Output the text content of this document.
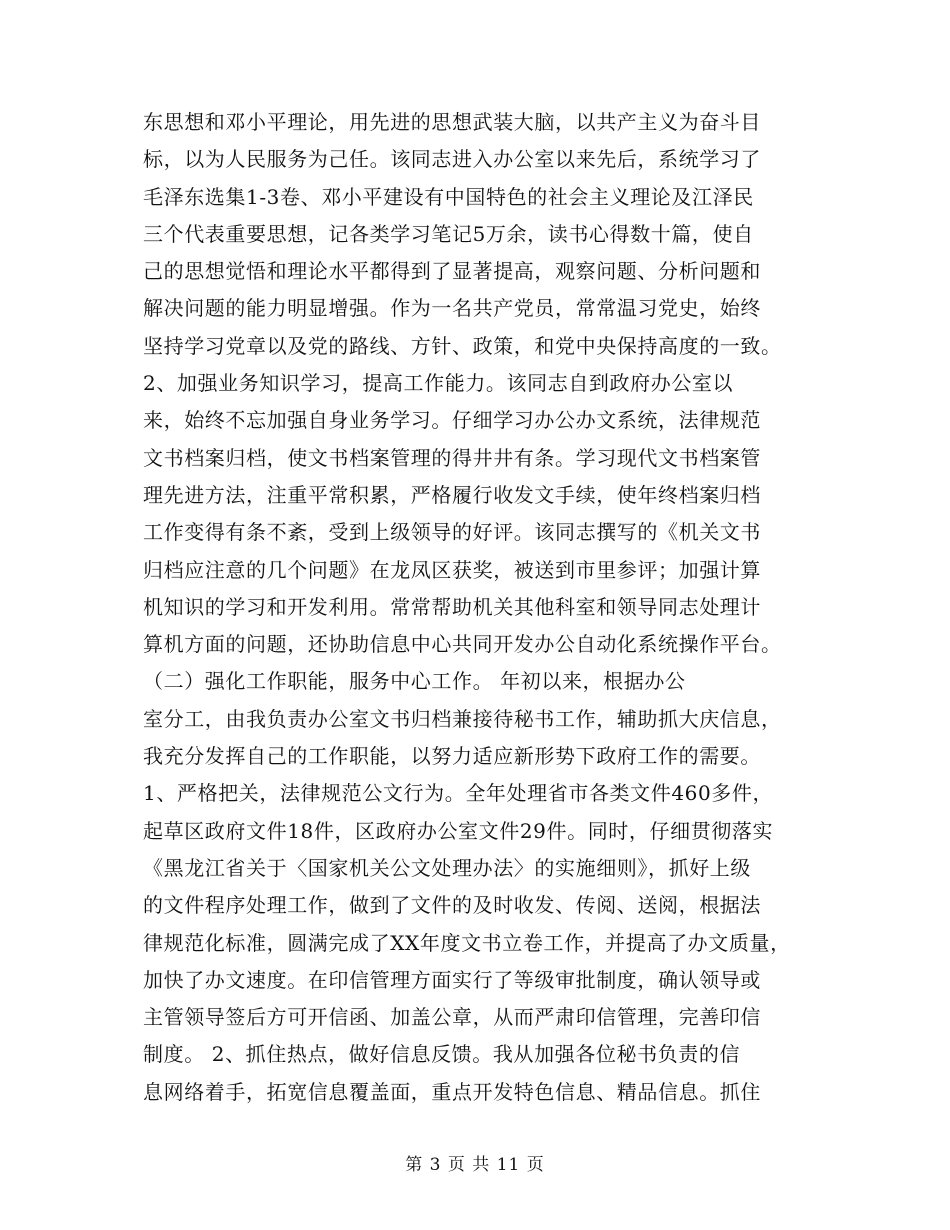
东思想和邓小平理论，用先进的思想武装大脑，以共产主义为奋斗目
标，以为人民服务为己任。该同志进入办公室以来先后，系统学习了
毛泽东选集1-3卷、邓小平建设有中国特色的社会主义理论及江泽民
三个代表重要思想，记各类学习笔记5万余，读书心得数十篇，使自
己的思想觉悟和理论水平都得到了显著提高，观察问题、分析问题和
解决问题的能力明显增强。作为一名共产党员，常常温习党史，始终
坚持学习党章以及党的路线、方针、政策，和党中央保持高度的一致。
2、加强业务知识学习，提高工作能力。该同志自到政府办公室以
来，始终不忘加强自身业务学习。仔细学习办公办文系统，法律规范
文书档案归档，使文书档案管理的得井井有条。学习现代文书档案管
理先进方法，注重平常积累，严格履行收发文手续，使年终档案归档
工作变得有条不紊，受到上级领导的好评。该同志撰写的《机关文书
归档应注意的几个问题》在龙凤区获奖，被送到市里参评；加强计算
机知识的学习和开发利用。常常帮助机关其他科室和领导同志处理计
算机方面的问题，还协助信息中心共同开发办公自动化系统操作平台。
（二）强化工作职能，服务中心工作。 年初以来，根据办公
室分工，由我负责办公室文书归档兼接待秘书工作，辅助抓大庆信息，
我充分发挥自己的工作职能，以努力适应新形势下政府工作的需要。
1、严格把关，法律规范公文行为。全年处理省市各类文件460多件，
起草区政府文件18件，区政府办公室文件29件。同时，仔细贯彻落实
《黑龙江省关于〈国家机关公文处理办法〉的实施细则》，抓好上级
的文件程序处理工作，做到了文件的及时收发、传阅、送阅，根据法
律规范化标准，圆满完成了XX年度文书立卷工作，并提高了办文质量，
加快了办文速度。在印信管理方面实行了等级审批制度，确认领导或
主管领导签后方可开信函、加盖公章，从而严肃印信管理，完善印信
制度。 2、抓住热点，做好信息反馈。我从加强各位秘书负责的信
息网络着手，拓宽信息覆盖面，重点开发特色信息、精品信息。抓住
第 3 页 共 11 页
